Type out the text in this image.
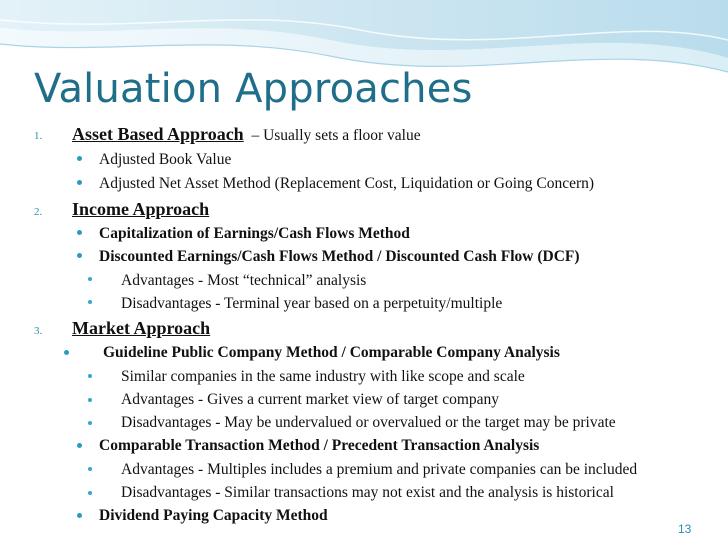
Valuation Approaches
1. Asset Based Approach – Usually sets a floor value
Adjusted Book Value
Adjusted Net Asset Method (Replacement Cost, Liquidation or Going Concern)
2. Income Approach
Capitalization of Earnings/Cash Flows Method
Discounted Earnings/Cash Flows Method / Discounted Cash Flow (DCF)
Advantages - Most “technical” analysis
Disadvantages - Terminal year based on a perpetuity/multiple
3. Market Approach
Guideline Public Company Method / Comparable Company Analysis
Similar companies in the same industry with like scope and scale
Advantages - Gives a current market view of target company
Disadvantages - May be undervalued or overvalued or the target may be private
Comparable Transaction Method / Precedent Transaction Analysis
Advantages - Multiples includes a premium and private companies can be included
Disadvantages - Similar transactions may not exist and the analysis is historical
Dividend Paying Capacity Method
13
